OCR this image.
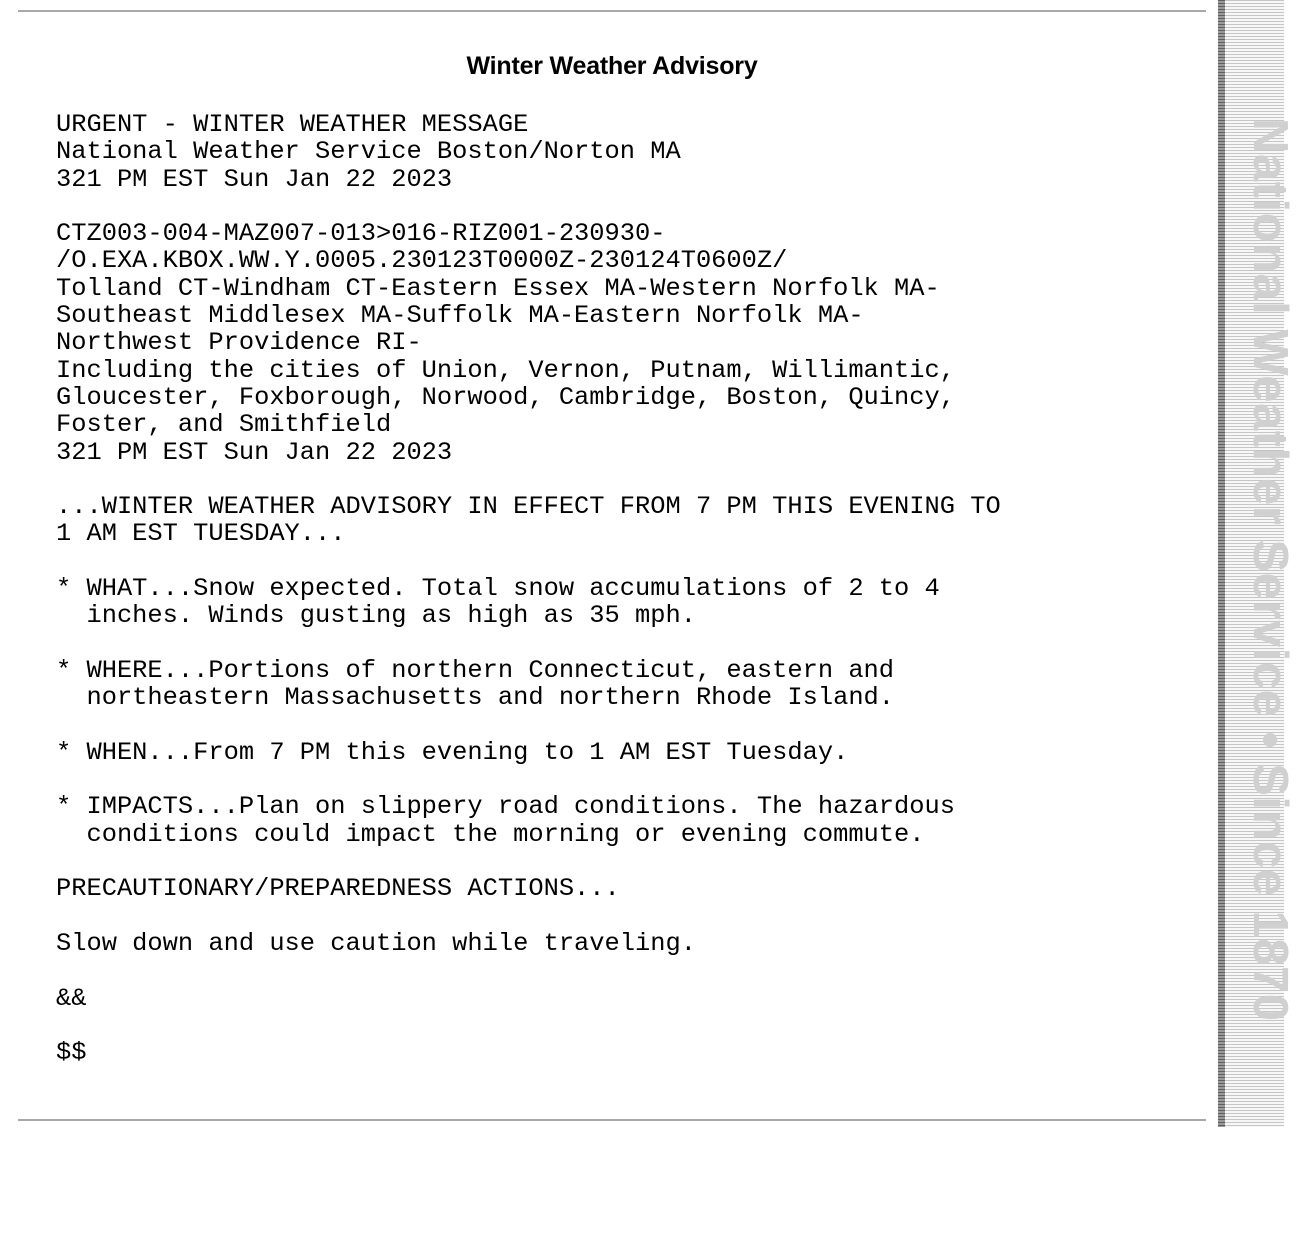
Winter Weather Advisory
URGENT - WINTER WEATHER MESSAGE
National Weather Service Boston/Norton MA
321 PM EST Sun Jan 22 2023
CTZ003-004-MAZ007-013>016-RIZ001-230930-
/O.EXA.KBOX.WW.Y.0005.230123T0000Z-230124T0600Z/
Tolland CT-Windham CT-Eastern Essex MA-Western Norfolk MA-
Southeast Middlesex MA-Suffolk MA-Eastern Norfolk MA-
Northwest Providence RI-
Including the cities of Union, Vernon, Putnam, Willimantic,
Gloucester, Foxborough, Norwood, Cambridge, Boston, Quincy,
Foster, and Smithfield
321 PM EST Sun Jan 22 2023
...WINTER WEATHER ADVISORY IN EFFECT FROM 7 PM THIS EVENING TO
1 AM EST TUESDAY...
* WHAT...Snow expected. Total snow accumulations of 2 to 4
inches. Winds gusting as high as 35 mph.
* WHERE...Portions of northern Connecticut, eastern and
northeastern Massachusetts and northern Rhode Island.
* WHEN...From 7 PM this evening to 1 AM EST Tuesday.
* IMPACTS...Plan on slippery road conditions. The hazardous
conditions could impact the morning or evening commute.
PRECAUTIONARY/PREPAREDNESS ACTIONS...
Slow down and use caution while traveling.
&&
$$
National Weather Service • Since 1870
